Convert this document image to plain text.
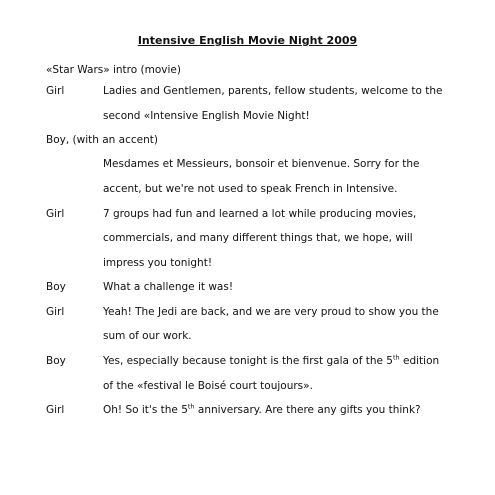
Intensive English Movie Night 2009
«Star Wars» intro (movie)
Girl	Ladies and Gentlemen, parents, fellow students, welcome to the
second «Intensive English Movie Night!
Boy, (with an accent)
Mesdames et Messieurs, bonsoir et bienvenue. Sorry for the
accent, but we're not used to speak French in Intensive.
Girl	7 groups had fun and learned a lot while producing movies,
commercials, and many different things that, we hope, will
impress you tonight!
Boy	What a challenge it was!
Girl	Yeah! The Jedi are back, and we are very proud to show you the
sum of our work.
Boy	Yes, especially because tonight is the first gala of the 5th edition
of the «festival le Boisé court toujours».
Girl	Oh! So it's the 5th anniversary. Are there any gifts you think?
